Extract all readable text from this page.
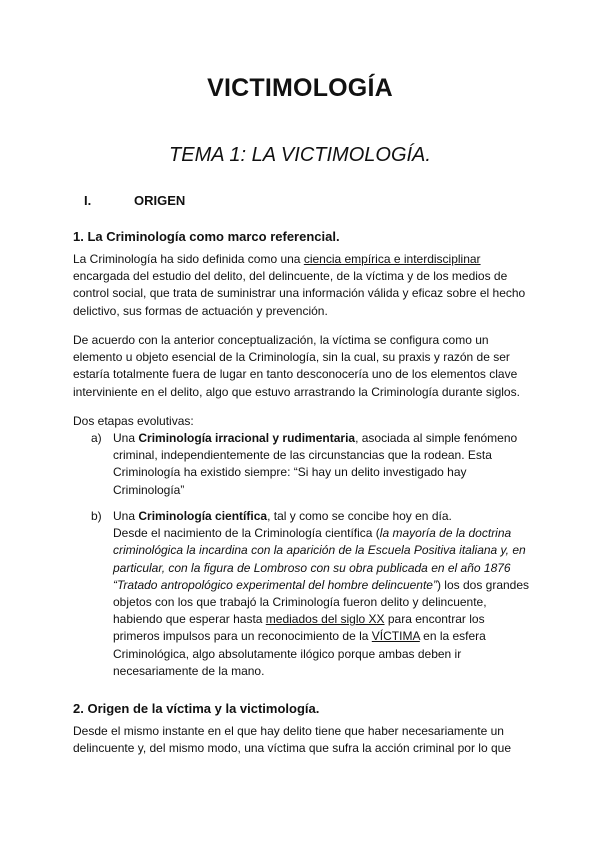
VICTIMOLOGÍA
TEMA 1: LA VICTIMOLOGÍA.
I.	ORIGEN
1. La Criminología como marco referencial.
La Criminología ha sido definida como una ciencia empírica e interdisciplinar encargada del estudio del delito, del delincuente, de la víctima y de los medios de control social, que trata de suministrar una información válida y eficaz sobre el hecho delictivo, sus formas de actuación y prevención.
De acuerdo con la anterior conceptualización, la víctima se configura como un elemento u objeto esencial de la Criminología, sin la cual, su praxis y razón de ser estaría totalmente fuera de lugar en tanto desconocería uno de los elementos clave interviniente en el delito, algo que estuvo arrastrando la Criminología durante siglos.
Dos etapas evolutivas:
a) Una Criminología irracional y rudimentaria, asociada al simple fenómeno criminal, independientemente de las circunstancias que la rodean. Esta Criminología ha existido siempre: “Si hay un delito investigado hay Criminología”
b) Una Criminología científica, tal y como se concibe hoy en día.
Desde el nacimiento de la Criminología científica (la mayoría de la doctrina criminológica la incardina con la aparición de la Escuela Positiva italiana y, en particular, con la figura de Lombroso con su obra publicada en el año 1876 “Tratado antropológico experimental del hombre delincuente”) los dos grandes objetos con los que trabajó la Criminología fueron delito y delincuente, habiendo que esperar hasta mediados del siglo XX para encontrar los primeros impulsos para un reconocimiento de la VÍCTIMA en la esfera Criminológica, algo absolutamente ilógico porque ambas deben ir necesariamente de la mano.
2. Origen de la víctima y la victimología.
Desde el mismo instante en el que hay delito tiene que haber necesariamente un delincuente y, del mismo modo, una víctima que sufra la acción criminal por lo que
